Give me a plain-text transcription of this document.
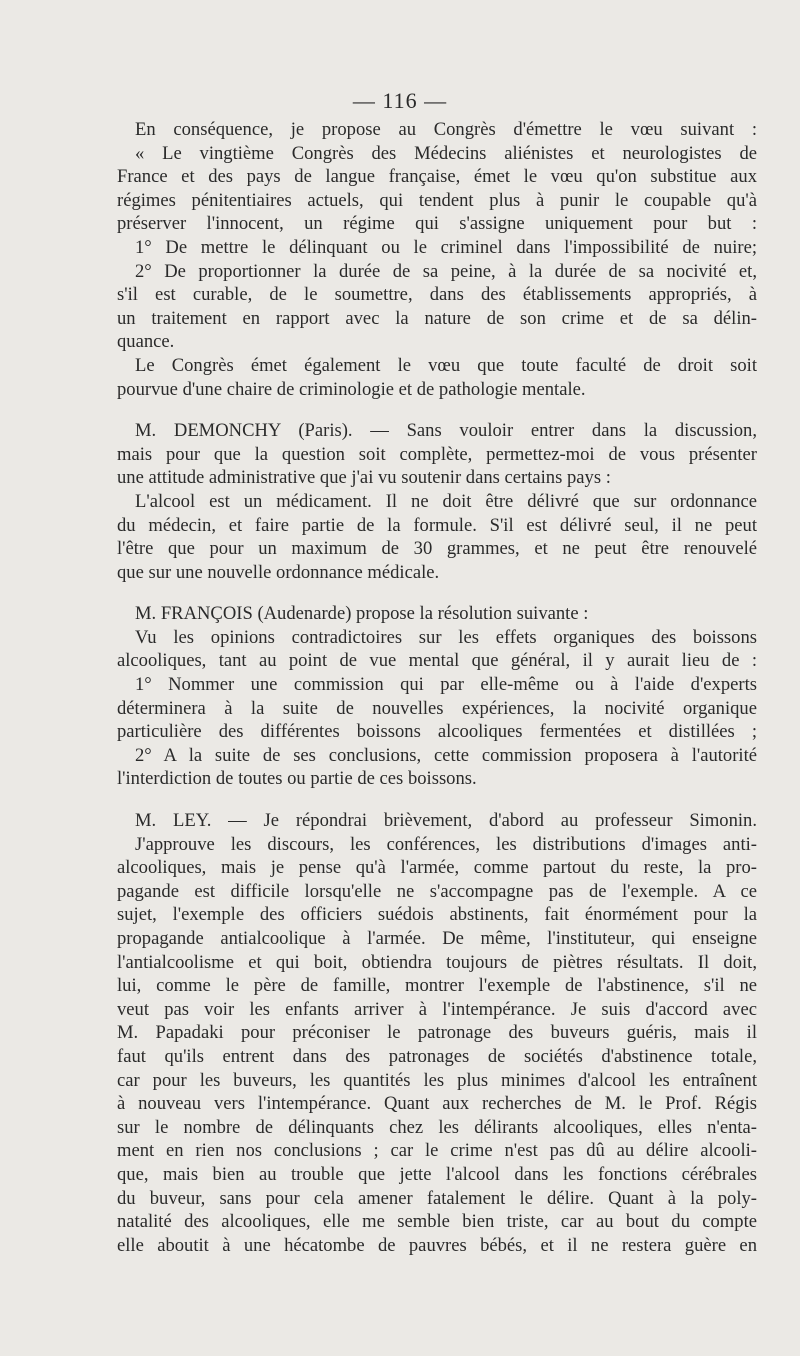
— 116 —
En conséquence, je propose au Congrès d'émettre le vœu suivant :
« Le vingtième Congrès des Médecins aliénistes et neurologistes de
France et des pays de langue française, émet le vœu qu'on substitue aux
régimes pénitentiaires actuels, qui tendent plus à punir le coupable qu'à
préserver l'innocent, un régime qui s'assigne uniquement pour but :
1° De mettre le délinquant ou le criminel dans l'impossibilité de nuire;
2° De proportionner la durée de sa peine, à la durée de sa nocivité et,
s'il est curable, de le soumettre, dans des établissements appropriés, à
un traitement en rapport avec la nature de son crime et de sa délin-
quance.
Le Congrès émet également le vœu que toute faculté de droit soit
pourvue d'une chaire de criminologie et de pathologie mentale.
M. DEMONCHY (Paris). — Sans vouloir entrer dans la discussion,
mais pour que la question soit complète, permettez-moi de vous présenter
une attitude administrative que j'ai vu soutenir dans certains pays :
L'alcool est un médicament. Il ne doit être délivré que sur ordonnance
du médecin, et faire partie de la formule. S'il est délivré seul, il ne peut
l'être que pour un maximum de 30 grammes, et ne peut être renouvelé
que sur une nouvelle ordonnance médicale.
M. FRANÇOIS (Audenarde) propose la résolution suivante :
Vu les opinions contradictoires sur les effets organiques des boissons
alcooliques, tant au point de vue mental que général, il y aurait lieu de :
1° Nommer une commission qui par elle-même ou à l'aide d'experts
déterminera à la suite de nouvelles expériences, la nocivité organique
particulière des différentes boissons alcooliques fermentées et distillées ;
2° A la suite de ses conclusions, cette commission proposera à l'autorité
l'interdiction de toutes ou partie de ces boissons.
M. LEY. — Je répondrai brièvement, d'abord au professeur Simonin.
J'approuve les discours, les conférences, les distributions d'images anti-
alcooliques, mais je pense qu'à l'armée, comme partout du reste, la pro-
pagande est difficile lorsqu'elle ne s'accompagne pas de l'exemple. A ce
sujet, l'exemple des officiers suédois abstinents, fait énormément pour la
propagande antialcoolique à l'armée. De même, l'instituteur, qui enseigne
l'antialcoolisme et qui boit, obtiendra toujours de piètres résultats. Il doit,
lui, comme le père de famille, montrer l'exemple de l'abstinence, s'il ne
veut pas voir les enfants arriver à l'intempérance. Je suis d'accord avec
M. Papadaki pour préconiser le patronage des buveurs guéris, mais il
faut qu'ils entrent dans des patronages de sociétés d'abstinence totale,
car pour les buveurs, les quantités les plus minimes d'alcool les entraînent
à nouveau vers l'intempérance. Quant aux recherches de M. le Prof. Régis
sur le nombre de délinquants chez les délirants alcooliques, elles n'enta-
ment en rien nos conclusions ; car le crime n'est pas dû au délire alcooli-
que, mais bien au trouble que jette l'alcool dans les fonctions cérébrales
du buveur, sans pour cela amener fatalement le délire. Quant à la poly-
natalité des alcooliques, elle me semble bien triste, car au bout du compte
elle aboutit à une hécatombe de pauvres bébés, et il ne restera guère en
